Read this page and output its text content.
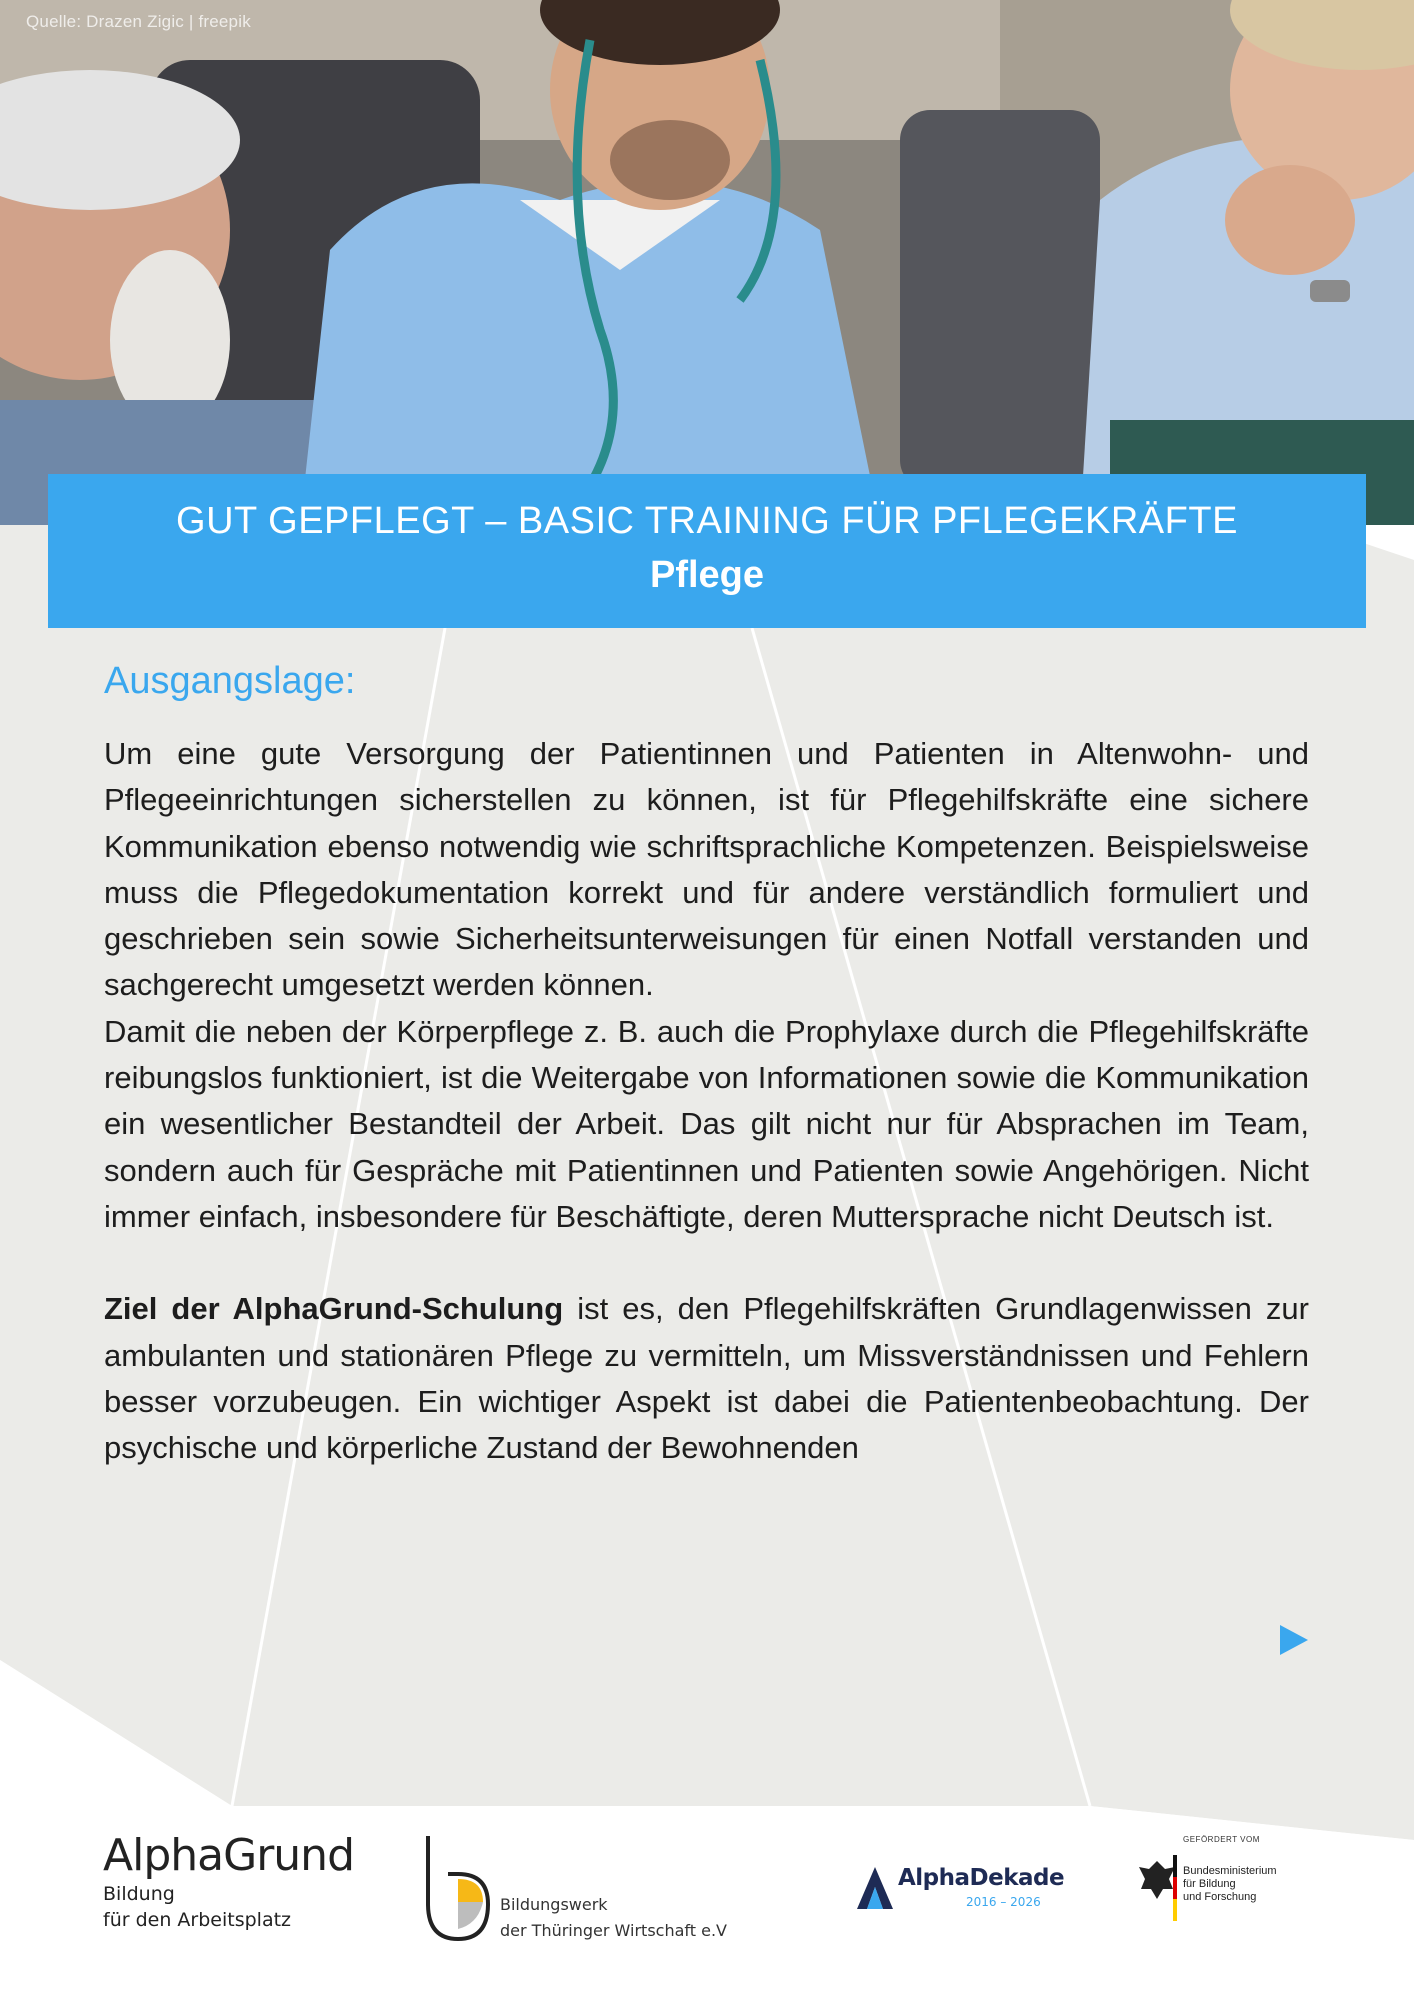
Quelle: Drazen Zigic | freepik
GUT GEPFLEGT – BASIC TRAINING FÜR PFLEGEKRÄFTE
Pflege
Ausgangslage:

Um eine gute Versorgung der Patientinnen und Patienten in Altenwohn- und Pflegeeinrichtungen sicherstellen zu können, ist für Pflegehilfskräfte eine sichere Kommunikation ebenso notwendig wie schriftsprachliche Kompetenzen. Beispielsweise muss die Pflegedokumentation korrekt und für andere verständlich formuliert und geschrieben sein sowie Sicherheitsunterweisungen für einen Notfall verstanden und sachgerecht umgesetzt werden können.

Damit die neben der Körperpflege z. B. auch die Prophylaxe durch die Pflegehilfskräfte reibungslos funktioniert, ist die Weitergabe von Informationen sowie die Kommunikation ein wesentlicher Bestandteil der Arbeit. Das gilt nicht nur für Absprachen im Team, sondern auch für Gespräche mit Patientinnen und Patienten sowie Angehörigen. Nicht immer einfach, insbesondere für Beschäftigte, deren Muttersprache nicht Deutsch ist.

Ziel der AlphaGrund-Schulung ist es, den Pflegehilfskräften Grundlagenwissen zur ambulanten und stationären Pflege zu vermitteln, um Missverständnissen und Fehlern besser vorzubeugen. Ein wichtiger Aspekt ist dabei die Patientenbeobachtung. Der psychische und körperliche Zustand der Bewohnenden

AlphaGrund
Bildung
für den Arbeitsplatz
Bildungswerk
der Thüringer Wirtschaft e.V
AlphaDekade
2016 – 2026
GEFÖRDERT VOM
Bundesministerium
für Bildung
und Forschung
